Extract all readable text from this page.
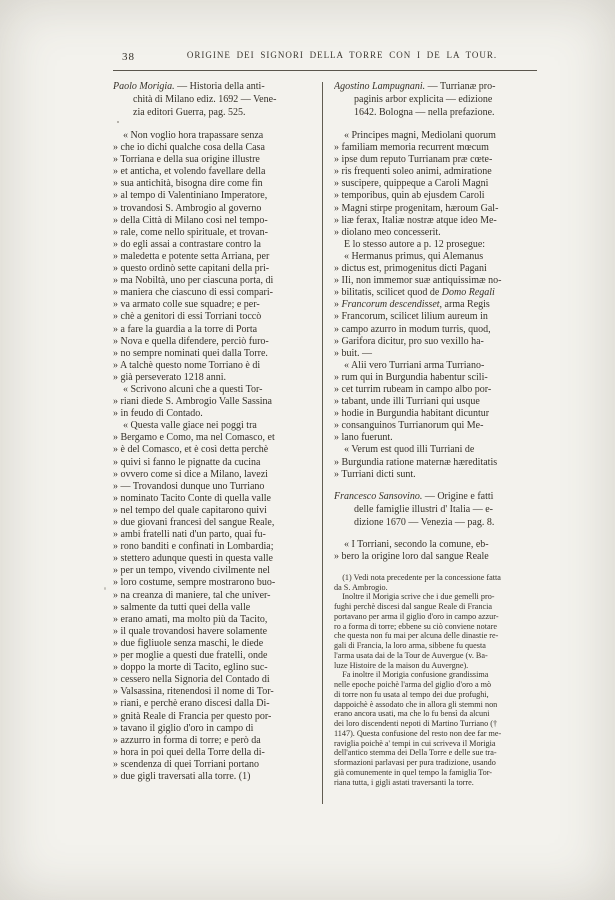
38	ORIGINE DEI SIGNORI DELLA TORRE CON I DE LA TOUR.
Paolo Morigia. — Historia della anti-
  chità di Milano ediz. 1692 — Vene-
  zia editori Guerra, pag. 525.
 « Non voglio hora trapassare senza
» che io dichi qualche cosa della Casa
» Torriana e della sua origine illustre
» et anticha, et volendo favellare della
» sua antichità, bisogna dire come fin
» al tempo di Valentiniano Imperatore,
» trovandosi S. Ambrogio al governo
» della Città di Milano cosi nel tempo-
» rale, come nello spirituale, et trovan-
» do egli assai a contrastare contro la
» maledetta e potente setta Arriana, per
» questo ordinò sette capitani della pri-
» ma Nobiltà, uno per ciascuna porta, di
» maniera che ciascuno di essi compari-
» va armato colle sue squadre; e per-
» chè a genitori di essi Torriani toccò
» a fare la guardia a la torre di Porta
» Nova e quella difendere, perciò furo-
» no sempre nominati quei dalla Torre.
» A talchè questo nome Torriano è di
» già perseverato 1218 anni.
 « Scrivono alcuni che a questi Tor-
» riani diede S. Ambrogio Valle Sassina
» in feudo di Contado.
 « Questa valle giace nei poggi tra
» Bergamo e Como, ma nel Comasco, et
» è del Comasco, et è così detta perchè
» quivi si fanno le pignatte da cucina
» ovvero come si dice a Milano, lavezi
» — Trovandosi dunque uno Turriano
» nominato Tacito Conte di quella valle
» nel tempo del quale capitarono quivi
» due giovani francesi del sangue Reale,
» ambi fratelli nati d'un parto, quai fu-
» rono banditi e confinati in Lombardia;
» stettero adunque questi in questa valle
» per un tempo, vivendo civilmente nel
» loro costume, sempre mostrarono buo-
» na creanza di maniere, tal che univer-
» salmente da tutti quei della valle
» erano amati, ma molto più da Tacito,
» il quale trovandosi havere solamente
» due figliuole senza maschi, le diede
» per moglie a questi due fratelli, onde
» doppo la morte di Tacito, eglino suc-
» cessero nella Signoria del Contado di
» Valsassina, ritenendosi il nome di Tor-
» riani, e perchè erano discesi dalla Di-
» gnità Reale di Francia per questo por-
» tavano il giglio d'oro in campo di
» azzurro in forma di torre; e però da
» hora in poi quei della Torre della di-
» scendenza di quei Torriani portano
» due gigli traversati alla torre. (1)
Agostino Lampugnani. — Turrianæ pro-
  paginis arbor explicita — edizione
  1642. Bologna — nella prefazione.
 « Principes magni, Mediolani quorum
» familiam memoria recurrent mœcum
» ipse dum reputo Turrianam præ cœte-
» ris frequenti soleo animi, admiratione
» suscipere, quippeque a Caroli Magni
» temporibus, quin ab ejusdem Caroli
» Magni stirpe progenitam, hæroum Gal-
» liæ ferax, Italiæ nostræ atque ideo Me-
» diolano meo concesserit.
 E lo stesso autore a p. 12 prosegue:
 « Hermanus primus, qui Alemanus
» dictus est, primogenitus dicti Pagani
» IIi, non immemor suæ antiquissimæ no-
» bilitatis, scilicet quod de Domo Regali
» Francorum descendisset, arma Regis
» Francorum, scilicet lilium aureum in
» campo azurro in modum turris, quod,
» Garifora dicitur, pro suo vexillo ha-
» buit. —
 « Alii vero Turriani arma Turriano-
» rum qui in Burgundia habentur scili-
» cet turrim rubeam in campo albo por-
» tabant, unde illi Turriani qui usque
» hodie in Burgundia habitant dicuntur
» consanguinos Turrianorum qui Me-
» lano fuerunt.
 « Verum est quod illi Turriani de
» Burgundia ratione maternæ hæreditatis
» Turriani dicti sunt.
Francesco Sansovino. — Origine e fatti
  delle famiglie illustri d' Italia — e-
  dizione 1670 — Venezia — pag. 8.
 « I Torriani, secondo la comune, eb-
» bero la origine loro dal sangue Reale
 (1) Vedi nota precedente per la concessione fatta
da S. Ambrogio.
 Inoltre il Morigia scrive che i due gemelli pro-
fughi perchè discesi dal sangue Reale di Francia
portavano per arma il giglio d'oro in campo azzur-
ro a forma di torre; ebbene su ciò conviene notare
che questa non fu mai per alcuna delle dinastie re-
gali di Francia, la loro arma, sibbene fu questa
l'arma usata dai de la Tour de Auvergue (v. Ba-
luze Histoire de la maison du Auvergne).
 Fa inoltre il Morigia confusione grandissima
nelle epoche poichè l'arma del giglio d'oro a mò
di torre non fu usata al tempo dei due profughi,
dappoichè è assodato che in allora gli stemmi non
erano ancora usati, ma che lo fu bensì da alcuni
dei loro discendenti nepoti di Martino Turriano (†
1147). Questa confusione del resto non dee far me-
raviglia poichè a' tempi in cui scriveva il Morigia
dell'antico stemma dei Della Torre e delle sue tra-
sformazioni parlavasi per pura tradizione, usando
già comunemente in quel tempo la famiglia Tor-
riana tutta, i gigli astati traversanti la torre.
